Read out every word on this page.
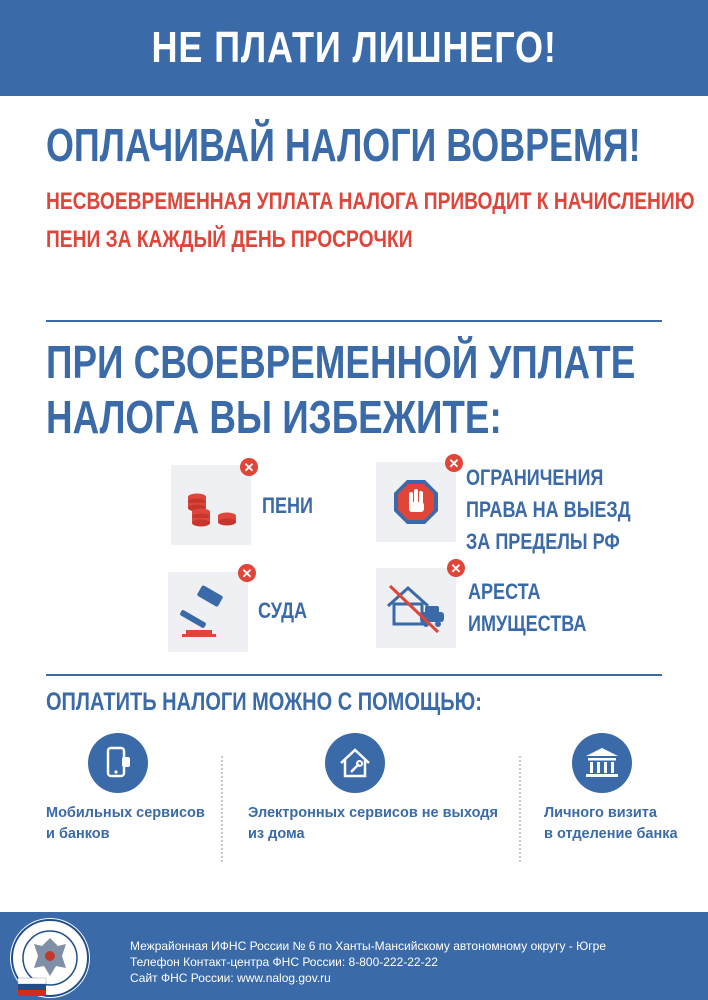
НЕ ПЛАТИ ЛИШНЕГО!
ОПЛАЧИВАЙ НАЛОГИ ВОВРЕМЯ!
НЕСВОЕВРЕМЕННАЯ УПЛАТА НАЛОГА ПРИВОДИТ К НАЧИСЛЕНИЮ
ПЕНИ ЗА КАЖДЫЙ ДЕНЬ ПРОСРОЧКИ
ПРИ СВОЕВРЕМЕННОЙ УПЛАТЕ
НАЛОГА ВЫ ИЗБЕЖИТЕ:
✕
ПЕНИ
✕
ОГРАНИЧЕНИЯ
ПРАВА НА ВЫЕЗД
ЗА ПРЕДЕЛЫ РФ
✕
СУДА
✕
АРЕСТА
ИМУЩЕСТВА
ОПЛАТИТЬ НАЛОГИ МОЖНО С ПОМОЩЬЮ:
Мобильных сервисов
и банков
Электронных сервисов не выходя
из дома
Личного визита
в отделение банка
Межрайонная ИФНС России № 6 по Ханты-Мансийскому автономному округу - Югре
Телефон Контакт-центра ФНС России: 8-800-222-22-22
Сайт ФНС России: www.nalog.gov.ru
